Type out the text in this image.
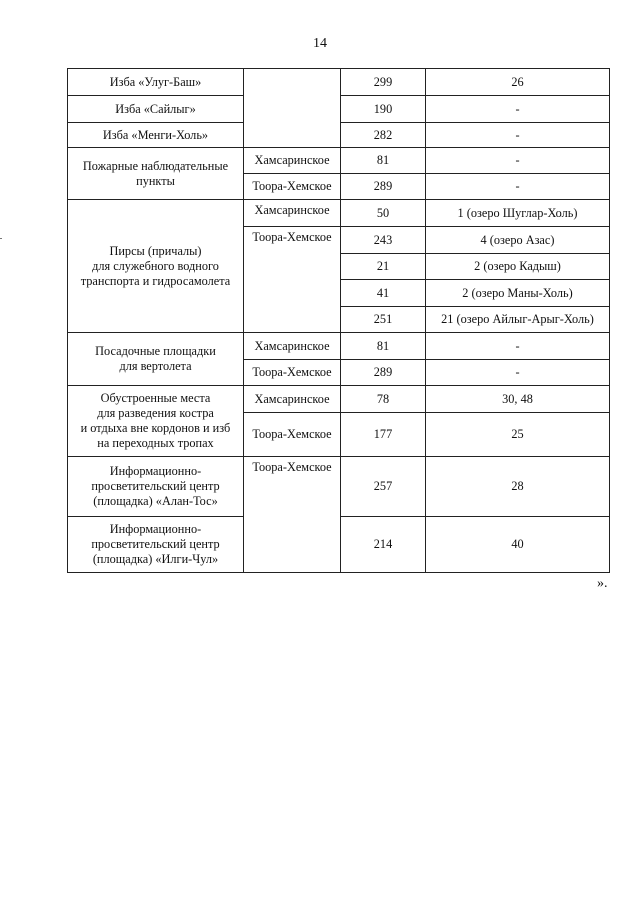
14
Изба «Улуг-Баш»		299	26
Изба «Сайлыг»		190	-
Изба «Менги-Холь»		282	-
Пожарные наблюдательные пункты	Хамсаринское	81	-
	Тоора-Хемское	289	-

Пирсы (причалы)
для служебного водного
транспорта и гидросамолета	Хамсаринское	50	1 (озеро Шуглар-Холь)
	Тоора-Хемское	243	4 (озеро Азас)
		21	2 (озеро Кадыш)
		41	2 (озеро Маны-Холь)
		251	21 (озеро Айлыг-Арыг-Холь)

Посадочные площадки
для вертолета	Хамсаринское	81	-
	Тоора-Хемское	289	-

Обустроенные места
для разведения костра
и отдыха вне кордонов и изб
на переходных тропах	Хамсаринское	78	30, 48
	Тоора-Хемское	177	25

Информационно-
просветительский центр
(площадка) «Алан-Тос»	Тоора-Хемское	257	28

Информационно-
просветительский центр
(площадка) «Илги-Чул»		214	40
».
